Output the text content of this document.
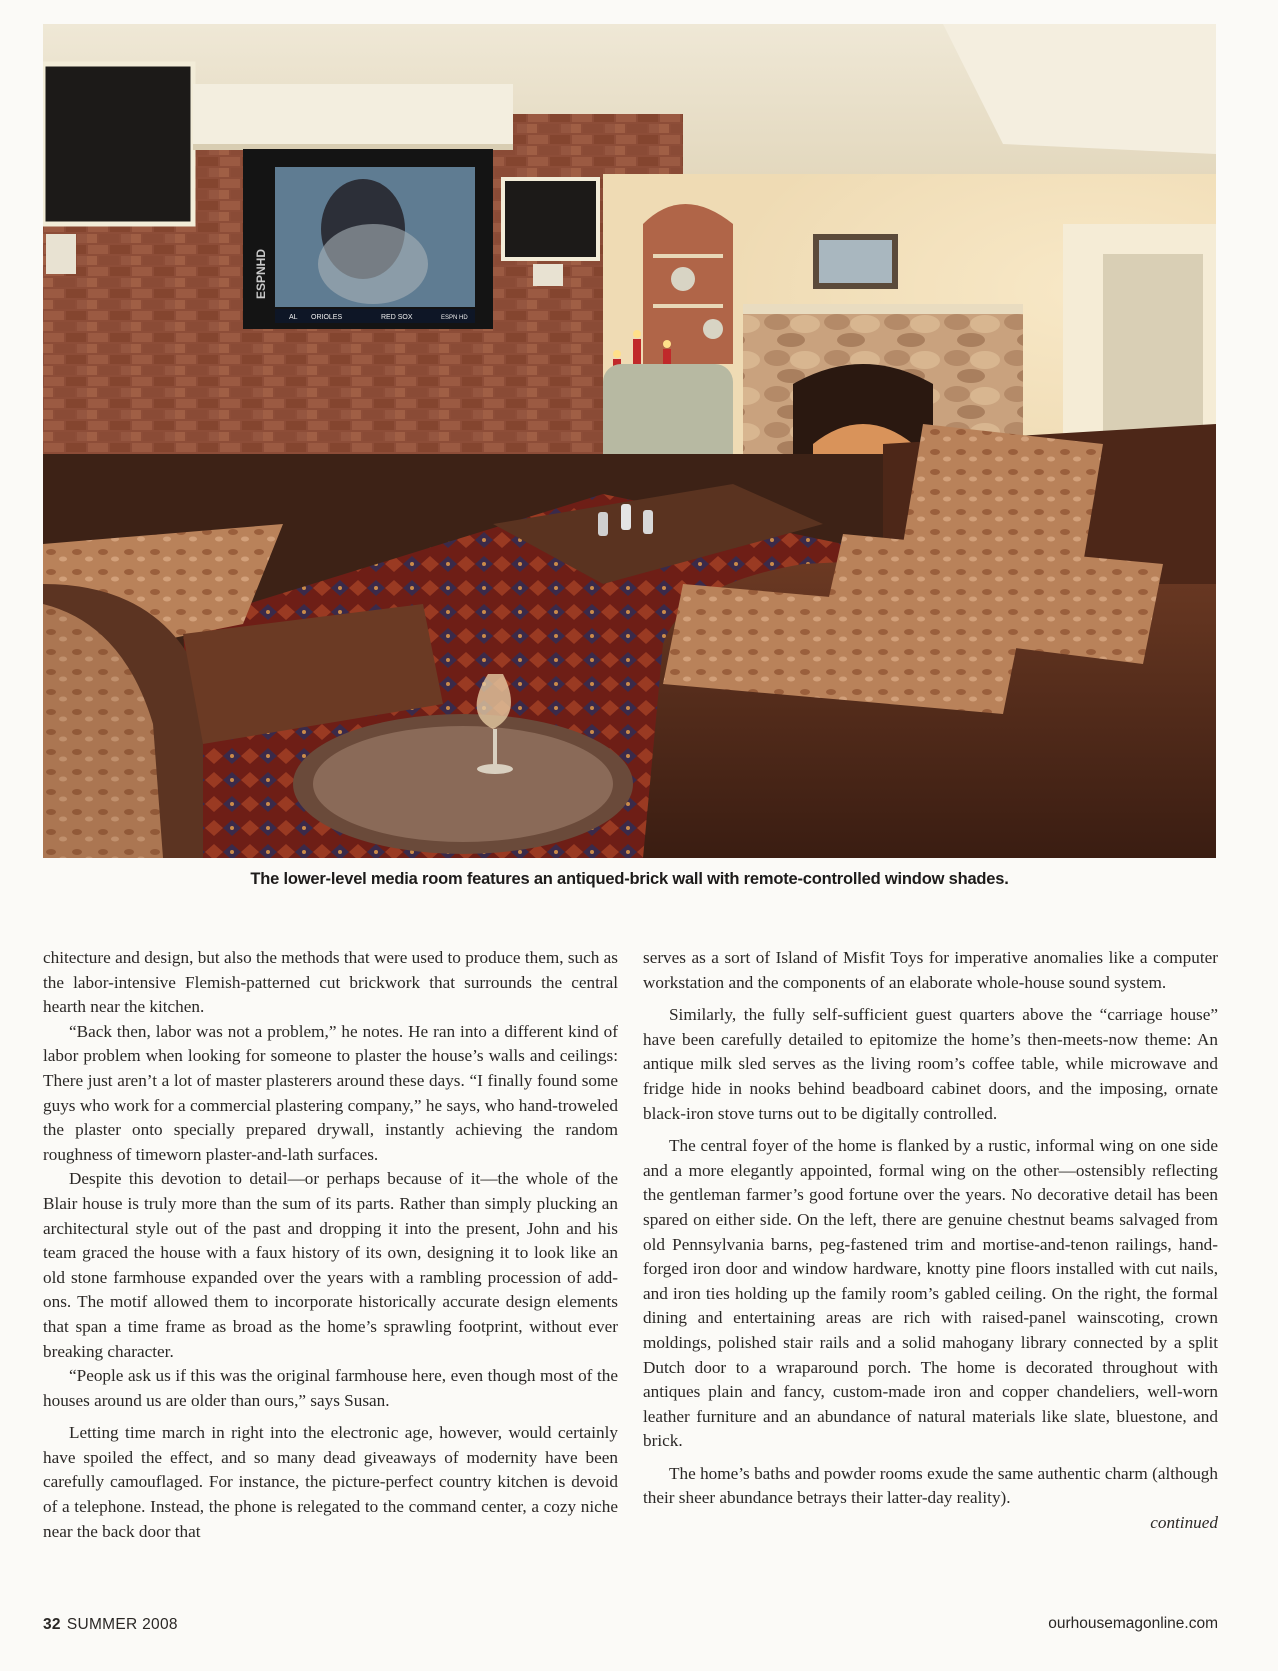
AL ORIOLES	RED SOX	ESPN HD
ESPNHD
The lower-level media room features an antiqued-brick wall with remote-controlled window shades.

chitecture and design, but also the methods that were used to produce them, such as the labor-intensive Flemish-patterned cut brickwork that surrounds the central hearth near the kitchen.

“Back then, labor was not a problem,” he notes. He ran into a different kind of labor problem when looking for someone to plaster the house’s walls and ceilings: There just aren’t a lot of master plasterers around these days. “I finally found some guys who work for a commercial plastering company,” he says, who hand-troweled the plaster onto specially prepared drywall, instantly achieving the random roughness of timeworn plaster-and-lath surfaces.

Despite this devotion to detail—or perhaps because of it—the whole of the Blair house is truly more than the sum of its parts. Rather than simply plucking an architectural style out of the past and dropping it into the present, John and his team graced the house with a faux history of its own, designing it to look like an old stone farmhouse expanded over the years with a rambling procession of add-ons. The motif allowed them to incorporate historically accurate design elements that span a time frame as broad as the home’s sprawling footprint, without ever breaking character.

“People ask us if this was the original farmhouse here, even though most of the houses around us are older than ours,” says Susan.

Letting time march in right into the electronic age, however, would certainly have spoiled the effect, and so many dead giveaways of modernity have been carefully camouflaged. For instance, the picture-perfect country kitchen is devoid of a telephone. Instead, the phone is relegated to the command center, a cozy niche near the back door that

serves as a sort of Island of Misfit Toys for imperative anomalies like a computer workstation and the components of an elaborate whole-house sound system.

Similarly, the fully self-sufficient guest quarters above the “carriage house” have been carefully detailed to epitomize the home’s then-meets-now theme: An antique milk sled serves as the living room’s coffee table, while microwave and fridge hide in nooks behind beadboard cabinet doors, and the imposing, ornate black-iron stove turns out to be digitally controlled.

The central foyer of the home is flanked by a rustic, informal wing on one side and a more elegantly appointed, formal wing on the other—ostensibly reflecting the gentleman farmer’s good fortune over the years. No decorative detail has been spared on either side. On the left, there are genuine chestnut beams salvaged from old Pennsylvania barns, peg-fastened trim and mortise-and-tenon railings, hand-forged iron door and window hardware, knotty pine floors installed with cut nails, and iron ties holding up the family room’s gabled ceiling. On the right, the formal dining and entertaining areas are rich with raised-panel wainscoting, crown moldings, polished stair rails and a solid mahogany library connected by a split Dutch door to a wraparound porch. The home is decorated throughout with antiques plain and fancy, custom-made iron and copper chandeliers, well-worn leather furniture and an abundance of natural materials like slate, bluestone, and brick.

The home’s baths and powder rooms exude the same authentic charm (although their sheer abundance betrays their latter-day reality).

continued
32 SUMMER 2008	ourhousemagonline.com
